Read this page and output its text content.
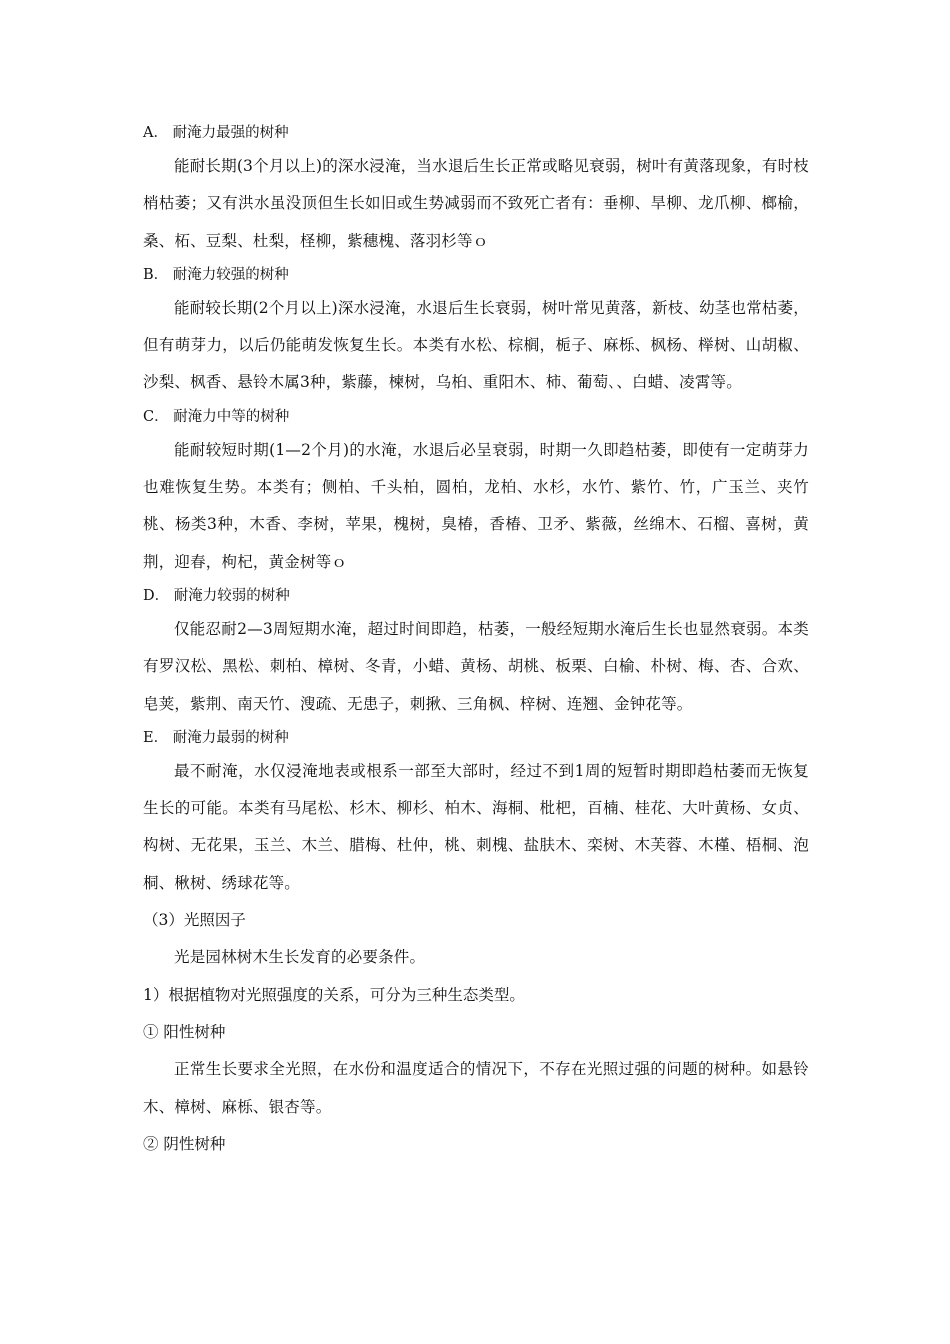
A． 耐淹力最强的树种

能耐长期(3个月以上)的深水浸淹，当水退后生长正常或略见衰弱，树叶有黄落现象，有时枝梢枯萎；又有洪水虽没顶但生长如旧或生势减弱而不致死亡者有：垂柳、旱柳、龙爪柳、榔榆，桑、柘、豆梨、杜梨，柽柳，紫穗槐、落羽杉等ｏ

B． 耐淹力较强的树种

能耐较长期(2个月以上)深水浸淹，水退后生长衰弱，树叶常见黄落，新枝、幼茎也常枯萎，但有萌芽力，以后仍能萌发恢复生长。本类有水松、棕榈，栀子、麻栎、枫杨、榉树、山胡椒、沙梨、枫香、悬铃木属3种，紫藤，楝树，乌桕、重阳木、柿、葡萄､、白蜡、凌霄等。

C． 耐淹力中等的树种

能耐较短时期(1—2个月)的水淹，水退后必呈衰弱，时期一久即趋枯萎，即使有一定萌芽力也难恢复生势。本类有；侧柏、千头柏，圆柏，龙柏、水杉，水竹、紫竹、竹，广玉兰、夹竹桃、杨类3种，木香、李树，苹果，槐树，臭椿，香椿、卫矛、紫薇，丝绵木、石榴、喜树，黄荆，迎春，枸杞，黄金树等ｏ

D． 耐淹力较弱的树种

仅能忍耐2—3周短期水淹，超过时间即趋，枯萎，一般经短期水淹后生长也显然衰弱。本类有罗汉松、黑松、刺柏、樟树、冬青，小蜡、黄杨、胡桃、板栗、白榆、朴树、梅、杏、合欢、皂荚，紫荆、南天竹、溲疏、无患子，刺揪、三角枫、梓树、连翘、金钟花等。

E． 耐淹力最弱的树种

最不耐淹，水仅浸淹地表或根系一部至大部时，经过不到1周的短暂时期即趋枯萎而无恢复生长的可能。本类有马尾松、杉木、柳杉、柏木、海桐、枇杷，百楠、桂花、大叶黄杨、女贞、构树、无花果，玉兰、木兰、腊梅、杜仲，桃、刺槐、盐肤木、栾树、木芙蓉、木槿、梧桐、泡桐、楸树、绣球花等。

（3）光照因子

光是园林树木生长发育的必要条件。

1）根据植物对光照强度的关系，可分为三种生态类型。

① 阳性树种

正常生长要求全光照，在水份和温度适合的情况下，不存在光照过强的问题的树种。如悬铃木、樟树、麻栎、银杏等。

② 阴性树种
